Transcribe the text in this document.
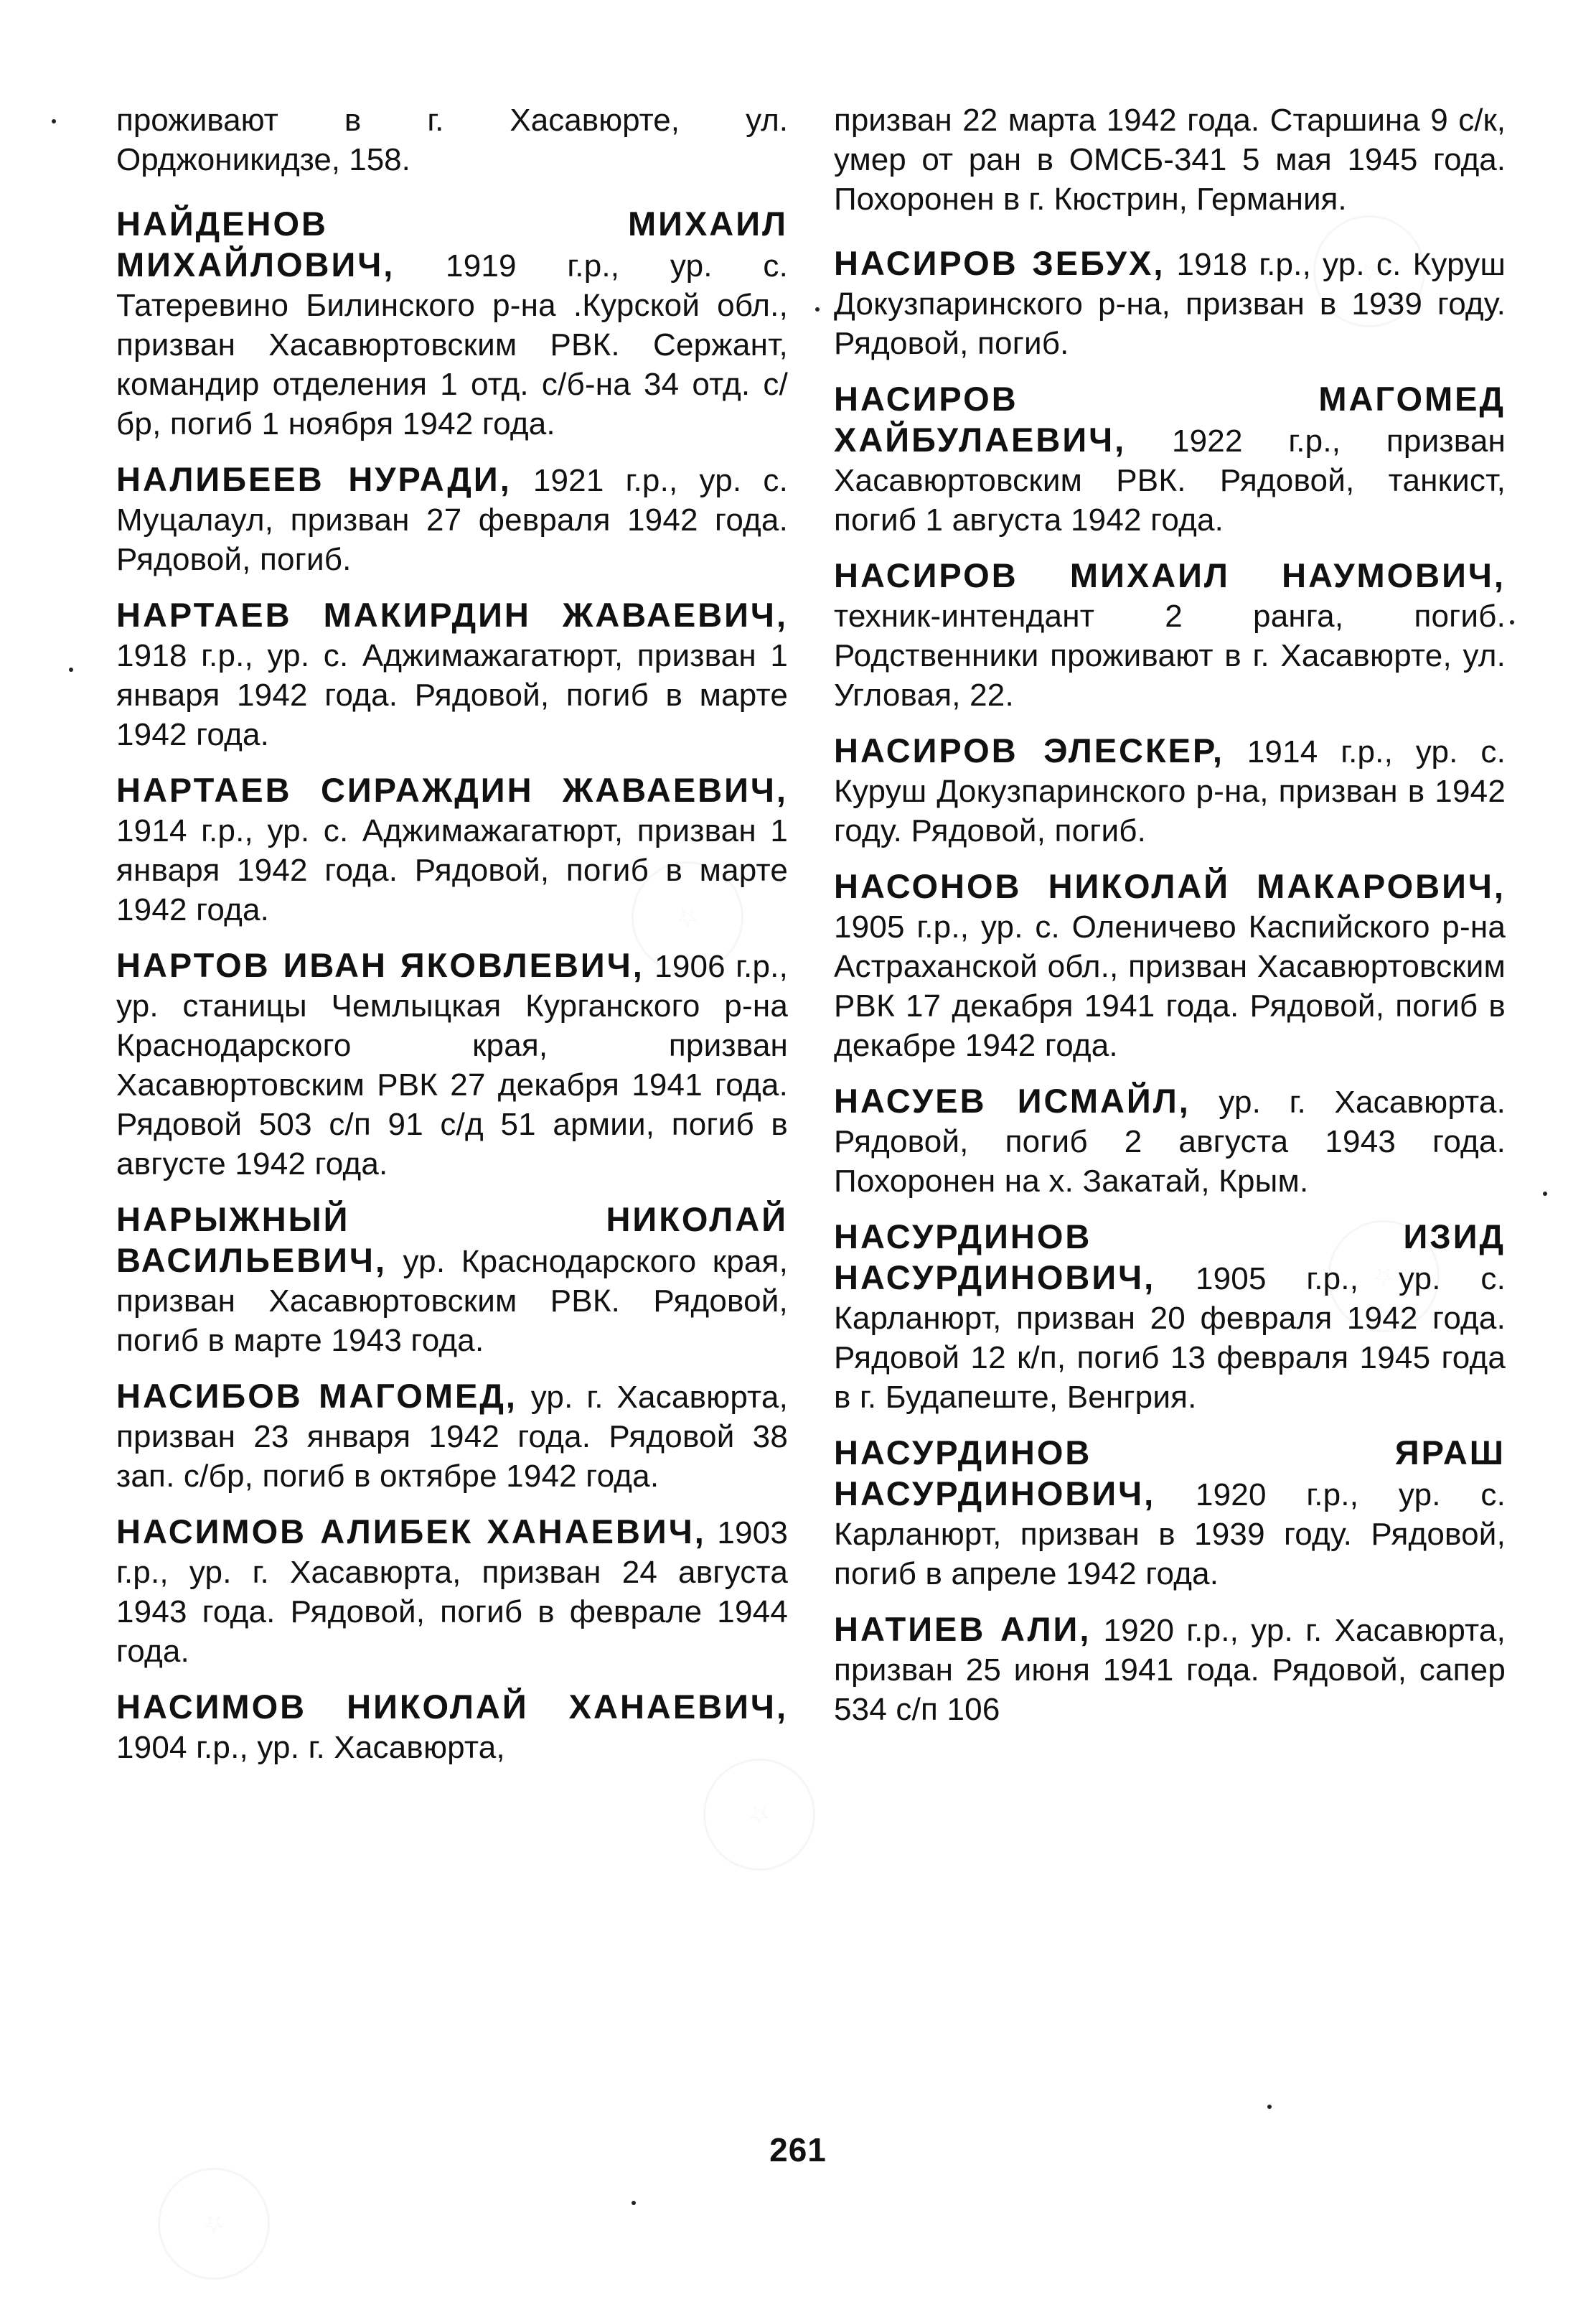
проживают в г. Хасавюрте, ул. Орджоникидзе, 158.

НАЙДЕНОВ МИХАИЛ МИХАЙЛОВИЧ, 1919 г.р., ур. с. Татеревино Билинского р-на .Курской обл., призван Хасавюртовским РВК. Сержант, командир отделения 1 отд. с/б-на 34 отд. с/бр, погиб 1 ноября 1942 года.

НАЛИБЕЕВ НУРАДИ, 1921 г.р., ур. с. Муцалаул, призван 27 февраля 1942 года. Рядовой, погиб.

НАРТАЕВ МАКИРДИН ЖАВАЕВИЧ, 1918 г.р., ур. с. Аджимажагатюрт, призван 1 января 1942 года. Рядовой, погиб в марте 1942 года.

НАРТАЕВ СИРАЖДИН ЖАВАЕВИЧ, 1914 г.р., ур. с. Аджимажагатюрт, призван 1 января 1942 года. Рядовой, погиб в марте 1942 года.

НАРТОВ ИВАН ЯКОВЛЕВИЧ, 1906 г.р., ур. станицы Чемлыцкая Курганского р-на Краснодарского края, призван Хасавюртовским РВК 27 декабря 1941 года. Рядовой 503 с/п 91 с/д 51 армии, погиб в августе 1942 года.

НАРЫЖНЫЙ НИКОЛАЙ ВАСИЛЬЕВИЧ, ур. Краснодарского края, призван Хасавюртовским РВК. Рядовой, погиб в марте 1943 года.

НАСИБОВ МАГОМЕД, ур. г. Хасавюрта, призван 23 января 1942 года. Рядовой 38 зап. с/бр, погиб в октябре 1942 года.

НАСИМОВ АЛИБЕК ХАНАЕВИЧ, 1903 г.р., ур. г. Хасавюрта, призван 24 августа 1943 года. Рядовой, погиб в феврале 1944 года.

НАСИМОВ НИКОЛАЙ ХАНАЕВИЧ, 1904 г.р., ур. г. Хасавюрта,

призван 22 марта 1942 года. Старшина 9 с/к, умер от ран в ОМСБ-341 5 мая 1945 года. Похоронен в г. Кюстрин, Германия.

НАСИРОВ ЗЕБУХ, 1918 г.р., ур. с. Куруш Докузпаринского р-на, призван в 1939 году. Рядовой, погиб.

НАСИРОВ МАГОМЕД ХАЙБУЛАЕВИЧ, 1922 г.р., призван Хасавюртовским РВК. Рядовой, танкист, погиб 1 августа 1942 года.

НАСИРОВ МИХАИЛ НАУМОВИЧ, техник-интендант 2 ранга, погиб. Родственники проживают в г. Хасавюрте, ул. Угловая, 22.

НАСИРОВ ЭЛЕСКЕР, 1914 г.р., ур. с. Куруш Докузпаринского р-на, призван в 1942 году. Рядовой, погиб.

НАСОНОВ НИКОЛАЙ МАКАРОВИЧ, 1905 г.р., ур. с. Оленичево Каспийского р-на Астраханской обл., призван Хасавюртовским РВК 17 декабря 1941 года. Рядовой, погиб в декабре 1942 года.

НАСУЕВ ИСМАЙЛ, ур. г. Хасавюрта. Рядовой, погиб 2 августа 1943 года. Похоронен на х. Закатай, Крым.

НАСУРДИНОВ ИЗИД НАСУРДИНОВИЧ, 1905 г.р., ур. с. Карланюрт, призван 20 февраля 1942 года. Рядовой 12 к/п, погиб 13 февраля 1945 года в г. Будапеште, Венгрия.

НАСУРДИНОВ ЯРАШ НАСУРДИНОВИЧ, 1920 г.р., ур. с. Карланюрт, призван в 1939 году. Рядовой, погиб в апреле 1942 года.

НАТИЕВ АЛИ, 1920 г.р., ур. г. Хасавюрта, призван 25 июня 1941 года. Рядовой, сапер 534 с/п 106

261
